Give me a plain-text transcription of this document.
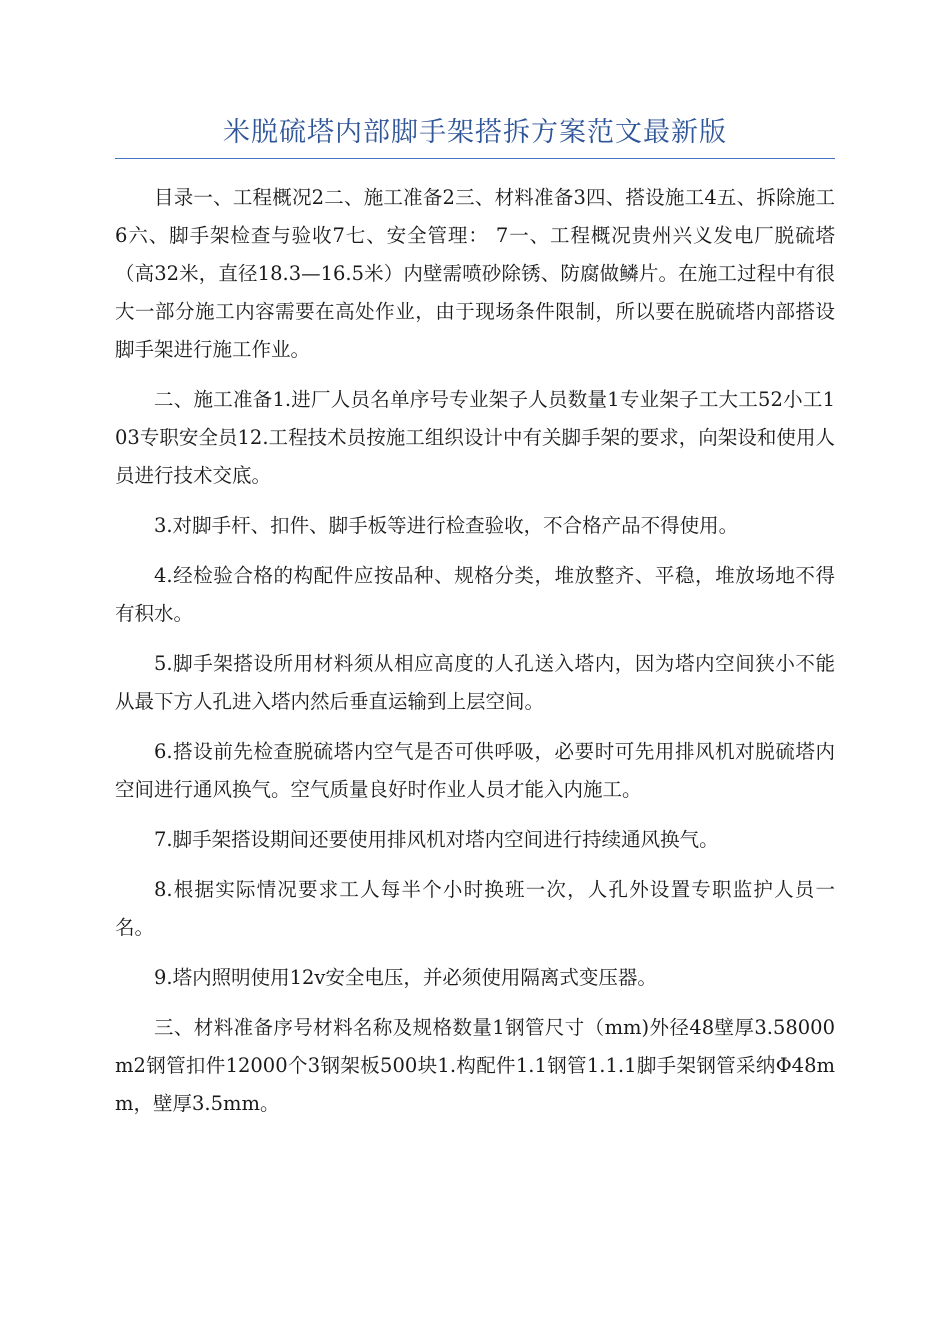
米脱硫塔内部脚手架搭拆方案范文最新版

目录一、工程概况2二、施工准备2三、材料准备3四、搭设施工4五、拆除施工6六、脚手架检查与验收7七、安全管理： 7一、工程概况贵州兴义发电厂脱硫塔（高32米，直径18.3—16.5米）内壁需喷砂除锈、防腐做鳞片。在施工过程中有很大一部分施工内容需要在高处作业，由于现场条件限制，所以要在脱硫塔内部搭设脚手架进行施工作业。

二、施工准备1.进厂人员名单序号专业架子人员数量1专业架子工大工52小工103专职安全员12.工程技术员按施工组织设计中有关脚手架的要求，向架设和使用人员进行技术交底。

3.对脚手杆、扣件、脚手板等进行检查验收，不合格产品不得使用。

4.经检验合格的构配件应按品种、规格分类，堆放整齐、平稳，堆放场地不得有积水。

5.脚手架搭设所用材料须从相应高度的人孔送入塔内，因为塔内空间狭小不能从最下方人孔进入塔内然后垂直运输到上层空间。

6.搭设前先检查脱硫塔内空气是否可供呼吸，必要时可先用排风机对脱硫塔内空间进行通风换气。空气质量良好时作业人员才能入内施工。

7.脚手架搭设期间还要使用排风机对塔内空间进行持续通风换气。

8.根据实际情况要求工人每半个小时换班一次，人孔外设置专职监护人员一名。

9.塔内照明使用12v安全电压，并必须使用隔离式变压器。

三、材料准备序号材料名称及规格数量1钢管尺寸（mm)外径48壁厚3.58000m2钢管扣件12000个3钢架板500块1.构配件1.1钢管1.1.1脚手架钢管采纳Φ48mm，壁厚3.5mm。
